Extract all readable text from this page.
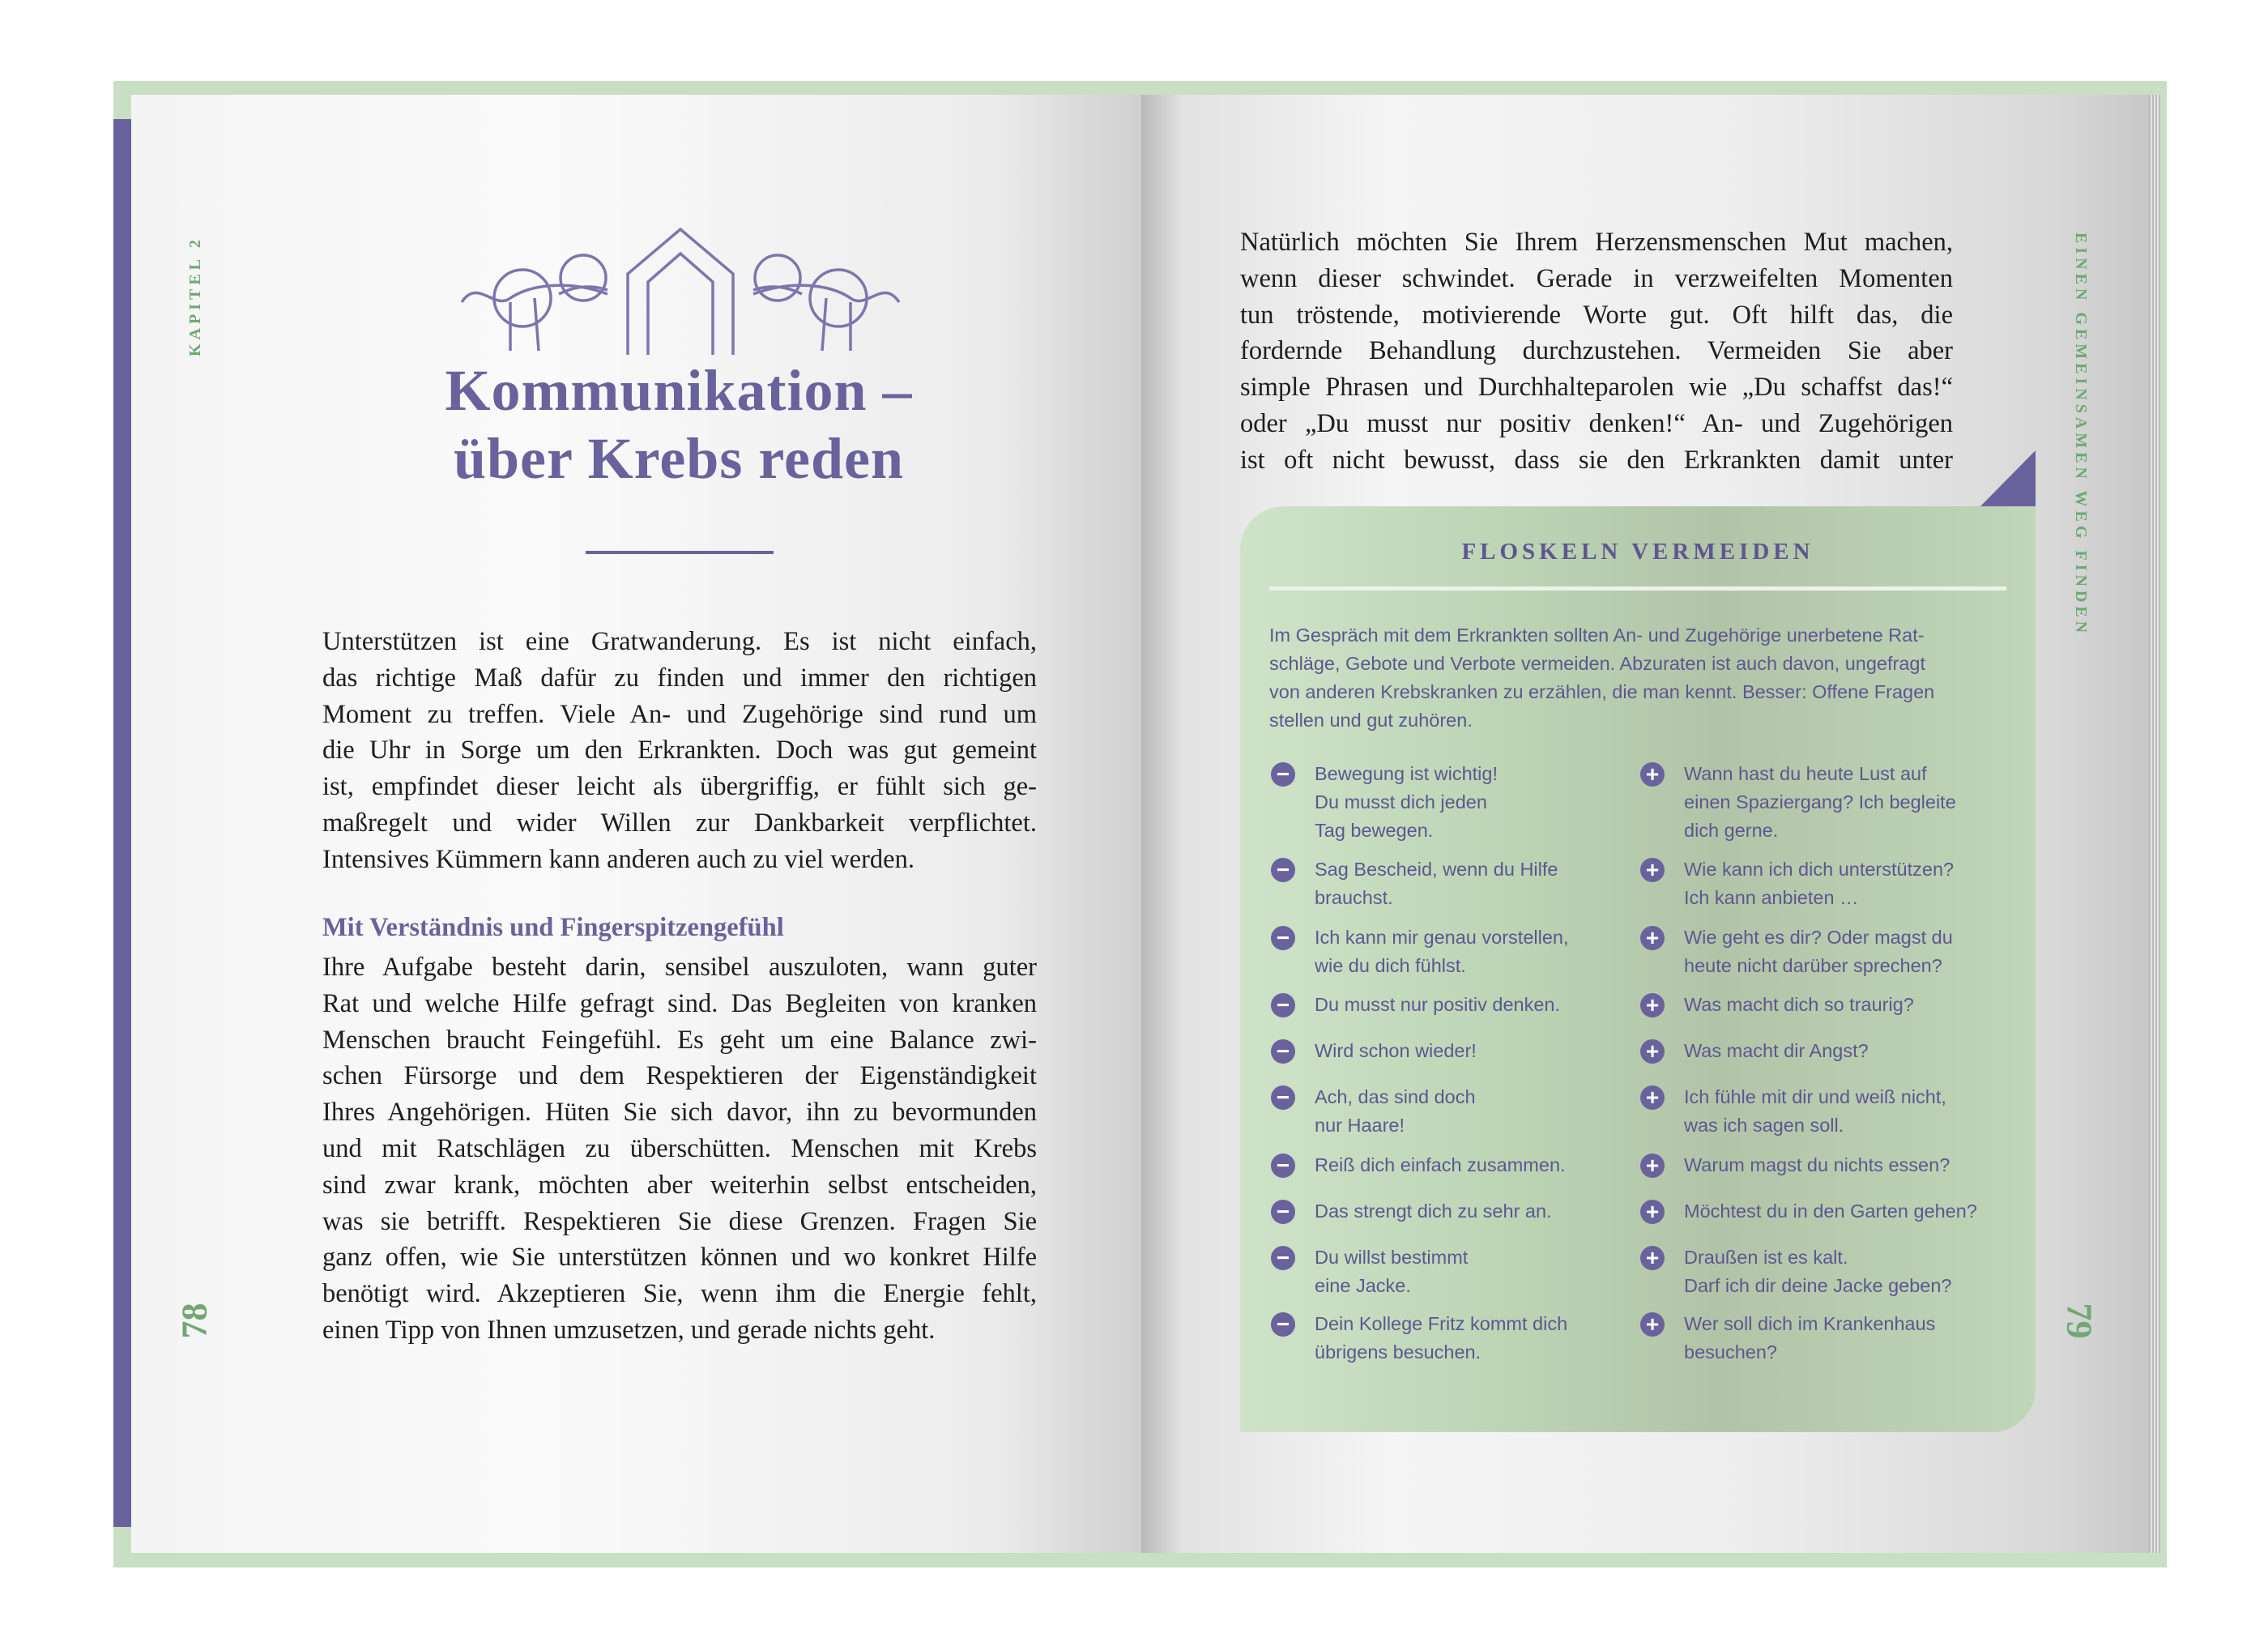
KAPITEL 2
78
Kommunikation –
über Krebs reden
Unterstützen ist eine Gratwanderung. Es ist nicht einfach,
das richtige Maß dafür zu finden und immer den richtigen
Moment zu treffen. Viele An- und Zugehörige sind rund um
die Uhr in Sorge um den Erkrankten. Doch was gut gemeint
ist, empfindet dieser leicht als übergriffig, er fühlt sich ge-
maßregelt und wider Willen zur Dankbarkeit verpflichtet.
Intensives Kümmern kann anderen auch zu viel werden.
Mit Verständnis und Fingerspitzengefühl
Ihre Aufgabe besteht darin, sensibel auszuloten, wann guter
Rat und welche Hilfe gefragt sind. Das Begleiten von kranken
Menschen braucht Feingefühl. Es geht um eine Balance zwi-
schen Fürsorge und dem Respektieren der Eigenständigkeit
Ihres Angehörigen. Hüten Sie sich davor, ihn zu bevormunden
und mit Ratschlägen zu überschütten. Menschen mit Krebs
sind zwar krank, möchten aber weiterhin selbst entscheiden,
was sie betrifft. Respektieren Sie diese Grenzen. Fragen Sie
ganz offen, wie Sie unterstützen können und wo konkret Hilfe
benötigt wird. Akzeptieren Sie, wenn ihm die Energie fehlt,
einen Tipp von Ihnen umzusetzen, und gerade nichts geht.
EINEN GEMEINSAMEN WEG FINDEN
79
Natürlich möchten Sie Ihrem Herzensmenschen Mut machen,
wenn dieser schwindet. Gerade in verzweifelten Momenten
tun tröstende, motivierende Worte gut. Oft hilft das, die
fordernde Behandlung durchzustehen. Vermeiden Sie aber
simple Phrasen und Durchhalteparolen wie „Du schaffst das!“
oder „Du musst nur positiv denken!“ An- und Zugehörigen
ist oft nicht bewusst, dass sie den Erkrankten damit unter
FLOSKELN VERMEIDEN
Im Gespräch mit dem Erkrankten sollten An- und Zugehörige unerbetene Rat-
schläge, Gebote und Verbote vermeiden. Abzuraten ist auch davon, ungefragt
von anderen Krebskranken zu erzählen, die man kennt. Besser: Offene Fragen
stellen und gut zuhören.
− Bewegung ist wichtig!
Du musst dich jeden
Tag bewegen.
− Sag Bescheid, wenn du Hilfe
brauchst.
− Ich kann mir genau vorstellen,
wie du dich fühlst.
− Du musst nur positiv denken.
− Wird schon wieder!
− Ach, das sind doch
nur Haare!
− Reiß dich einfach zusammen.
− Das strengt dich zu sehr an.
− Du willst bestimmt
eine Jacke.
− Dein Kollege Fritz kommt dich
übrigens besuchen.
+ Wann hast du heute Lust auf
einen Spaziergang? Ich begleite
dich gerne.
+ Wie kann ich dich unterstützen?
Ich kann anbieten …
+ Wie geht es dir? Oder magst du
heute nicht darüber sprechen?
+ Was macht dich so traurig?
+ Was macht dir Angst?
+ Ich fühle mit dir und weiß nicht,
was ich sagen soll.
+ Warum magst du nichts essen?
+ Möchtest du in den Garten gehen?
+ Draußen ist es kalt.
Darf ich dir deine Jacke geben?
+ Wer soll dich im Krankenhaus
besuchen?
